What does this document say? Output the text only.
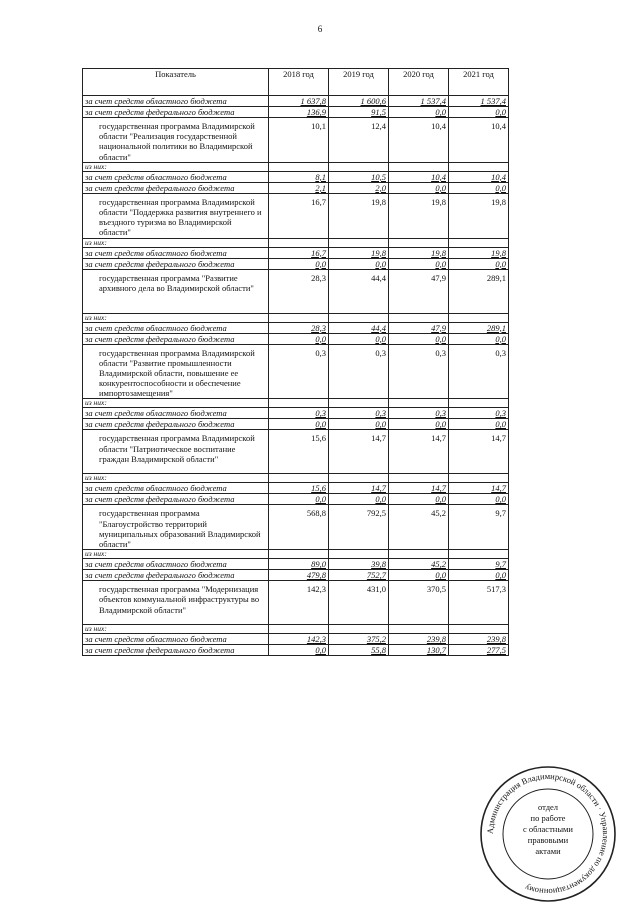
6
Показатель	2018 год	2019 год	2020 год	2021 год
за счет средств областного бюджета	1 637,8	1 600,6	1 537,4	1 537,4
за счет средств федерального бюджета	136,9	91,5	0,0	0,0
государственная программа Владимирской области "Реализация государственной национальной политики во Владимирской области"	10,1	12,4	10,4	10,4
из них:				
за счет средств областного бюджета	8,1	10,5	10,4	10,4
за счет средств федерального бюджета	2,1	2,0	0,0	0,0
государственная программа Владимирской области "Поддержка развития внутреннего и въездного туризма во Владимирской области"	16,7	19,8	19,8	19,8
из них:				
за счет средств областного бюджета	16,7	19,8	19,8	19,8
за счет средств федерального бюджета	0,0	0,0	0,0	0,0
государственная программа "Развитие архивного дела во Владимирской области"	28,3	44,4	47,9	289,1
из них:				
за счет средств областного бюджета	28,3	44,4	47,9	289,1
за счет средств федерального бюджета	0,0	0,0	0,0	0,0
государственная программа Владимирской области "Развитие промышленности Владимирской области, повышение ее конкурентоспособности и обеспечение импортозамещения"	0,3	0,3	0,3	0,3
из них:				
за счет средств областного бюджета	0,3	0,3	0,3	0,3
за счет средств федерального бюджета	0,0	0,0	0,0	0,0
государственная программа Владимирской области "Патриотическое воспитание граждан Владимирской области"	15,6	14,7	14,7	14,7
из них:				
за счет средств областного бюджета	15,6	14,7	14,7	14,7
за счет средств федерального бюджета	0,0	0,0	0,0	0,0
государственная программа "Благоустройство территорий муниципальных образований Владимирской области"	568,8	792,5	45,2	9,7
из них:				
за счет средств областного бюджета	89,0	39,8	45,2	9,7
за счет средств федерального бюджета	479,8	752,7	0,0	0,0
государственная программа "Модернизация объектов коммунальной инфраструктуры во Владимирской области"	142,3	431,0	370,5	517,3
из них:				
за счет средств областного бюджета	142,3	375,2	239,8	239,8
за счет средств федерального бюджета	0,0	55,8	130,7	277,5
Администрация Владимирской области · Управление по документационному
отдел
по работе
с областными
правовыми
актами
